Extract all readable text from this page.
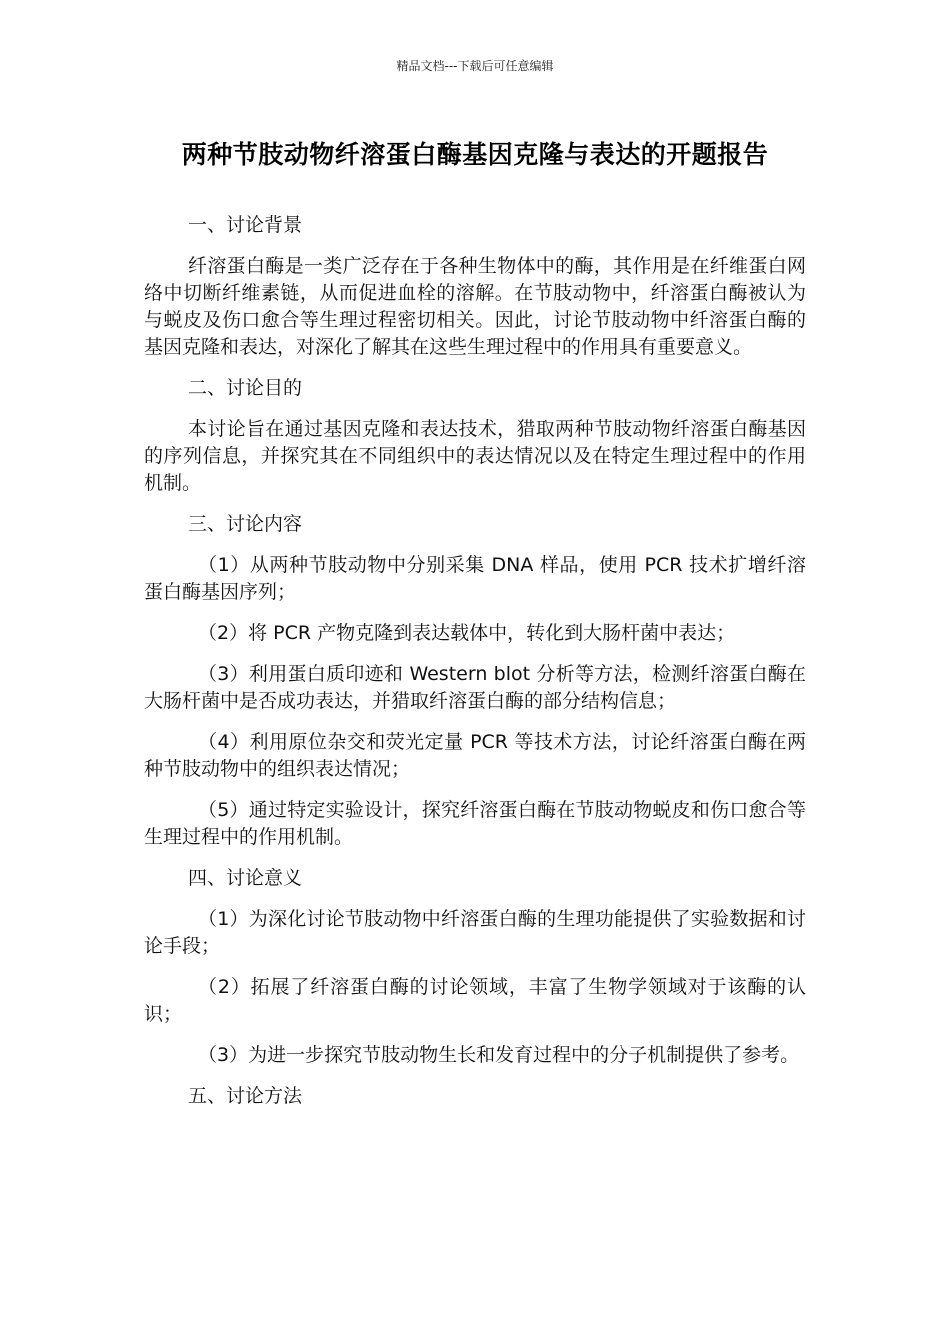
精品文档---下载后可任意编辑
两种节肢动物纤溶蛋白酶基因克隆与表达的开题报告

一、讨论背景

纤溶蛋白酶是一类广泛存在于各种生物体中的酶，其作用是在纤维蛋白网络中切断纤维素链，从而促进血栓的溶解。在节肢动物中，纤溶蛋白酶被认为与蜕皮及伤口愈合等生理过程密切相关。因此，讨论节肢动物中纤溶蛋白酶的基因克隆和表达，对深化了解其在这些生理过程中的作用具有重要意义。

二、讨论目的

本讨论旨在通过基因克隆和表达技术，猎取两种节肢动物纤溶蛋白酶基因的序列信息，并探究其在不同组织中的表达情况以及在特定生理过程中的作用机制。

三、讨论内容

（1）从两种节肢动物中分别采集 DNA 样品，使用 PCR 技术扩增纤溶蛋白酶基因序列；

（2）将 PCR 产物克隆到表达载体中，转化到大肠杆菌中表达；

（3）利用蛋白质印迹和 Western blot 分析等方法，检测纤溶蛋白酶在大肠杆菌中是否成功表达，并猎取纤溶蛋白酶的部分结构信息；

（4）利用原位杂交和荧光定量 PCR 等技术方法，讨论纤溶蛋白酶在两种节肢动物中的组织表达情况；

（5）通过特定实验设计，探究纤溶蛋白酶在节肢动物蜕皮和伤口愈合等生理过程中的作用机制。

四、讨论意义

（1）为深化讨论节肢动物中纤溶蛋白酶的生理功能提供了实验数据和讨论手段；

（2）拓展了纤溶蛋白酶的讨论领域，丰富了生物学领域对于该酶的认识；

（3）为进一步探究节肢动物生长和发育过程中的分子机制提供了参考。

五、讨论方法
